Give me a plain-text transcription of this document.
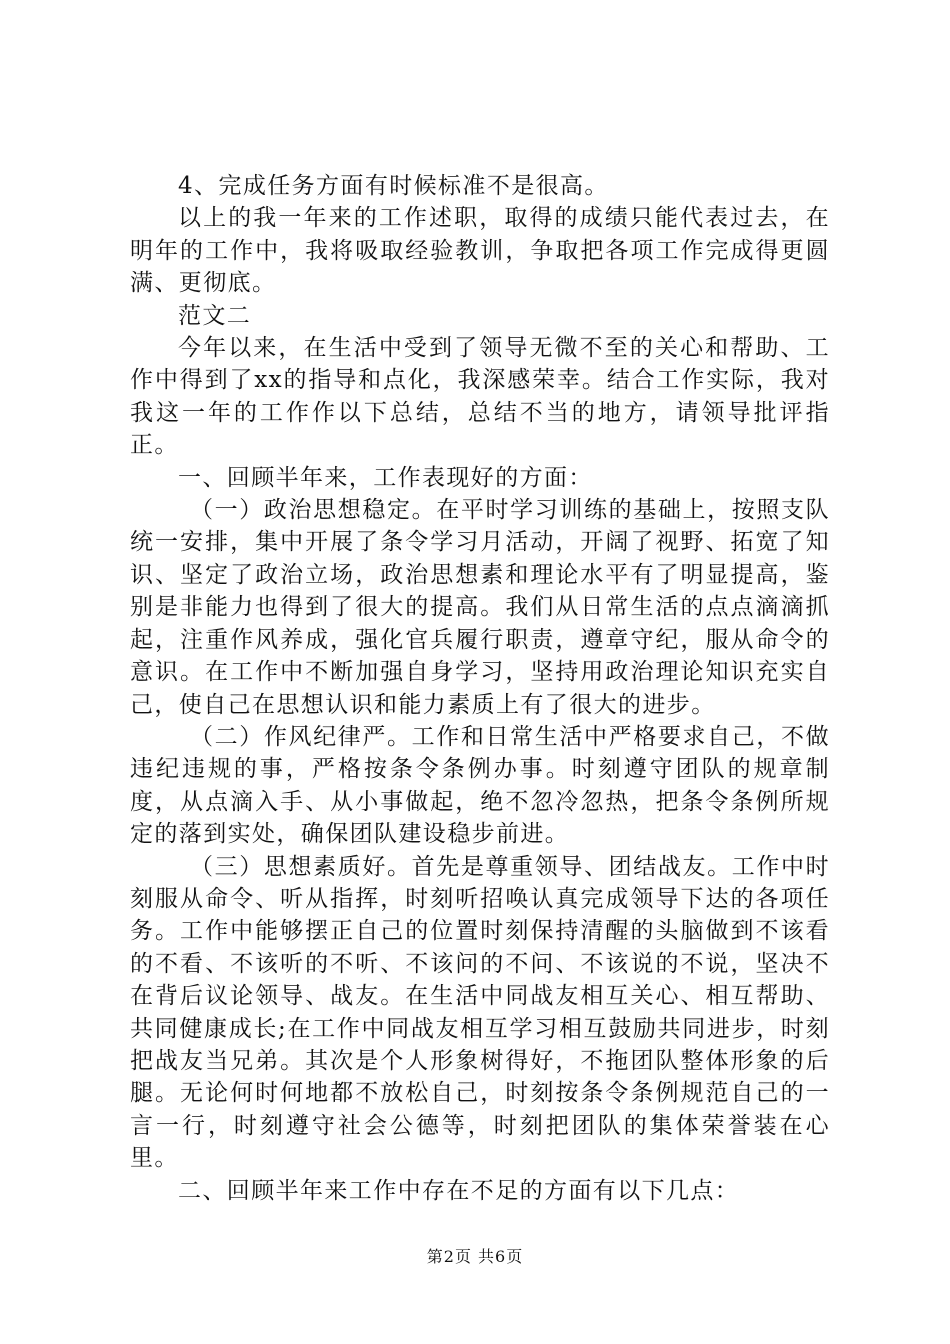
4、完成任务方面有时候标准不是很高。

以上的我一年来的工作述职，取得的成绩只能代表过去，在明年的工作中，我将吸取经验教训，争取把各项工作完成得更圆满、更彻底。

范文二

今年以来，在生活中受到了领导无微不至的关心和帮助、工作中得到了xx的指导和点化，我深感荣幸。结合工作实际，我对我这一年的工作作以下总结，总结不当的地方，请领导批评指正。

一、回顾半年来，工作表现好的方面：

（一）政治思想稳定。在平时学习训练的基础上，按照支队统一安排，集中开展了条令学习月活动，开阔了视野、拓宽了知识、坚定了政治立场，政治思想素和理论水平有了明显提高，鉴别是非能力也得到了很大的提高。我们从日常生活的点点滴滴抓起，注重作风养成，强化官兵履行职责，遵章守纪，服从命令的意识。在工作中不断加强自身学习，坚持用政治理论知识充实自己，使自己在思想认识和能力素质上有了很大的进步。

（二）作风纪律严。工作和日常生活中严格要求自己，不做违纪违规的事，严格按条令条例办事。时刻遵守团队的规章制度，从点滴入手、从小事做起，绝不忽冷忽热，把条令条例所规定的落到实处，确保团队建设稳步前进。

（三）思想素质好。首先是尊重领导、团结战友。工作中时刻服从命令、听从指挥，时刻听招唤认真完成领导下达的各项任务。工作中能够摆正自己的位置时刻保持清醒的头脑做到不该看的不看、不该听的不听、不该问的不问、不该说的不说，坚决不在背后议论领导、战友。在生活中同战友相互关心、相互帮助、共同健康成长;在工作中同战友相互学习相互鼓励共同进步，时刻把战友当兄弟。其次是个人形象树得好，不拖团队整体形象的后腿。无论何时何地都不放松自己，时刻按条令条例规范自己的一言一行，时刻遵守社会公德等，时刻把团队的集体荣誉装在心里。

二、回顾半年来工作中存在不足的方面有以下几点：

第2页 共6页
